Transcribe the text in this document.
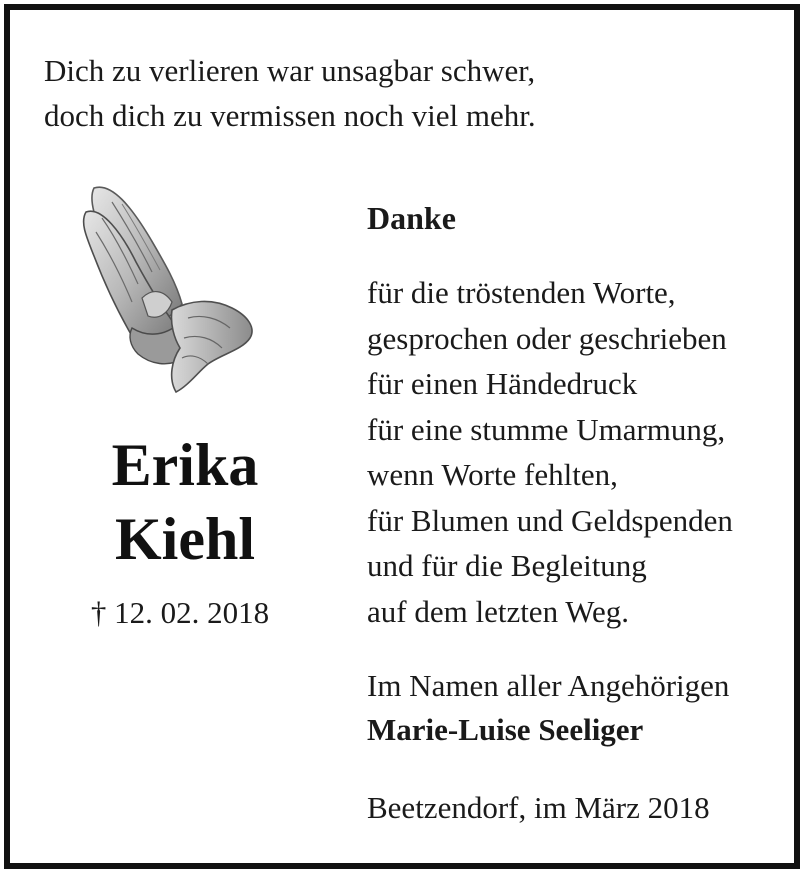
Dich zu verlieren war unsagbar schwer,
doch dich zu vermissen noch viel mehr.
Erika
Kiehl
† 12. 02. 2018
Danke
für die tröstenden Worte,
gesprochen oder geschrieben
für einen Händedruck
für eine stumme Umarmung,
wenn Worte fehlten,
für Blumen und Geldspenden
und für die Begleitung
auf dem letzten Weg.
Im Namen aller Angehörigen
Marie-Luise Seeliger
Beetzendorf, im März 2018
